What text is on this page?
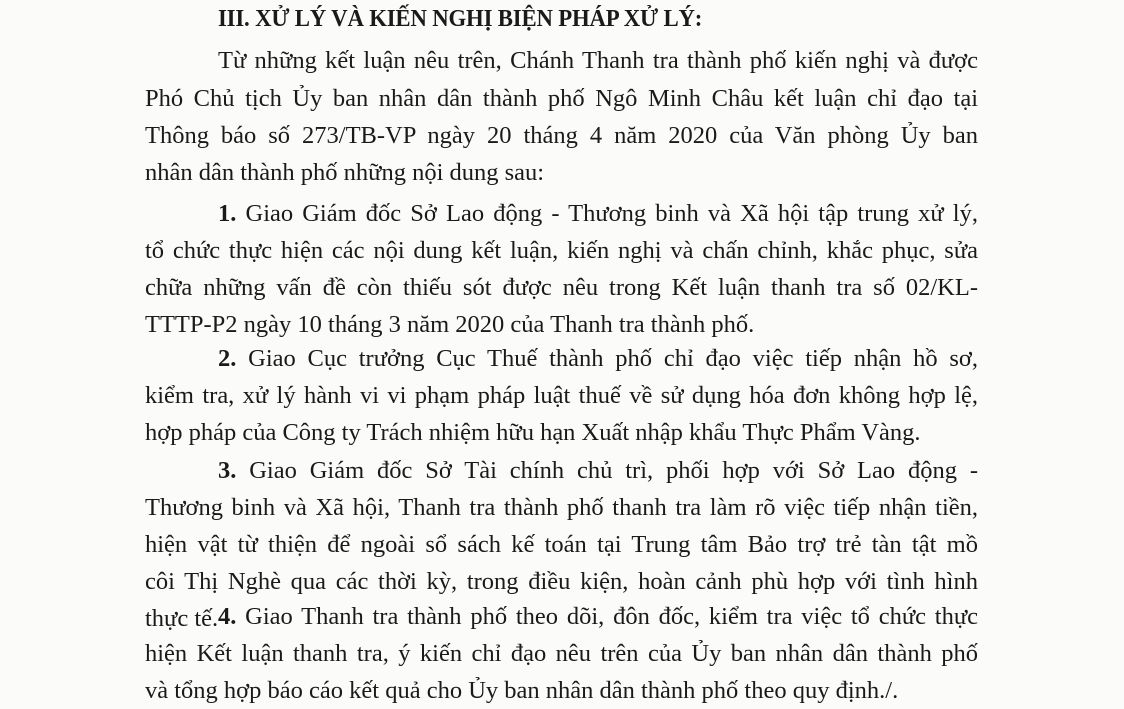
III. XỬ LÝ VÀ KIẾN NGHỊ BIỆN PHÁP XỬ LÝ:
Từ những kết luận nêu trên, Chánh Thanh tra thành phố kiến nghị và được
Phó Chủ tịch Ủy ban nhân dân thành phố Ngô Minh Châu kết luận chỉ đạo tại
Thông báo số 273/TB-VP ngày 20 tháng 4 năm 2020 của Văn phòng Ủy ban
nhân dân thành phố những nội dung sau:
1. Giao Giám đốc Sở Lao động - Thương binh và Xã hội tập trung xử lý,
tổ chức thực hiện các nội dung kết luận, kiến nghị và chấn chỉnh, khắc phục, sửa
chữa những vấn đề còn thiếu sót được nêu trong Kết luận thanh tra số 02/KL-
TTTP-P2 ngày 10 tháng 3 năm 2020 của Thanh tra thành phố.
2. Giao Cục trưởng Cục Thuế thành phố chỉ đạo việc tiếp nhận hồ sơ,
kiểm tra, xử lý hành vi vi phạm pháp luật thuế về sử dụng hóa đơn không hợp lệ,
hợp pháp của Công ty Trách nhiệm hữu hạn Xuất nhập khẩu Thực Phẩm Vàng.
3. Giao Giám đốc Sở Tài chính chủ trì, phối hợp với Sở Lao động -
Thương binh và Xã hội, Thanh tra thành phố thanh tra làm rõ việc tiếp nhận tiền,
hiện vật từ thiện để ngoài sổ sách kế toán tại Trung tâm Bảo trợ trẻ tàn tật mồ
côi Thị Nghè qua các thời kỳ, trong điều kiện, hoàn cảnh phù hợp với tình hình
thực tế. 4. Giao Thanh tra thành phố theo dõi, đôn đốc, kiểm tra việc tổ chức thực
hiện Kết luận thanh tra, ý kiến chỉ đạo nêu trên của Ủy ban nhân dân thành phố
và tổng hợp báo cáo kết quả cho Ủy ban nhân dân thành phố theo quy định./.
